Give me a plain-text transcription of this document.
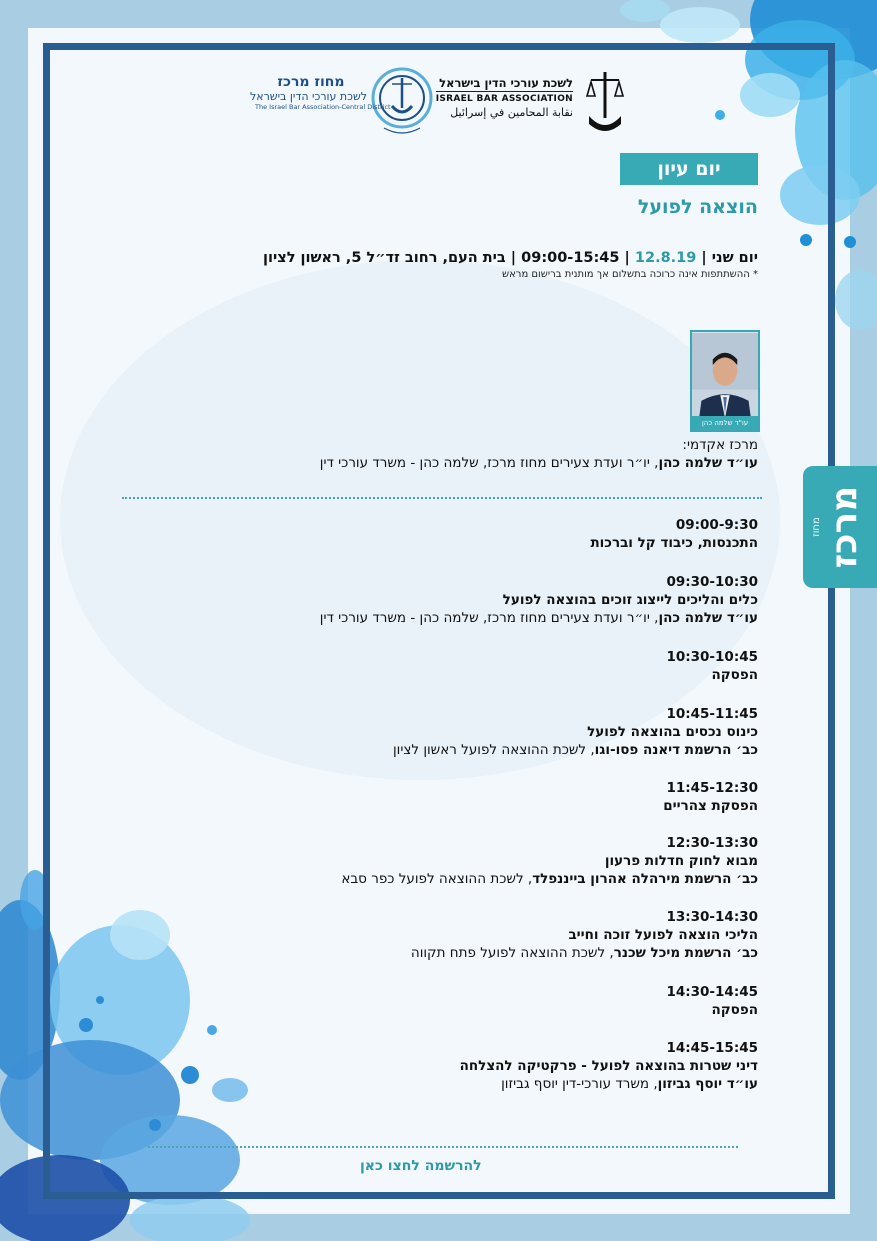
לשכת עורכי הדין בישראל
ISRAEL BAR ASSOCIATION
نقابة المحامين في إسرائيل
מחוז מרכז
לשכת עורכי הדין בישראל
The Israel Bar Association-Central District
יום עיון
הוצאה לפועל
יום שני | 12.8.19 | 09:00-15:45 | בית העם, רחוב זד״ל 5, ראשון לציון
* ההשתתפות אינה כרוכה בתשלום אך מותנית ברישום מראש
עו"ד שלמה כהן
מרכז אקדמי:
עו״ד שלמה כהן, יו״ר ועדת צעירים מחוז מרכז, שלמה כהן - משרד עורכי דין
09:00-9:30
התכנסות, כיבוד קל וברכות
09:30-10:30
כלים והליכים לייצוג זוכים בהוצאה לפועל
עו״ד שלמה כהן, יו״ר ועדת צעירים מחוז מרכז, שלמה כהן - משרד עורכי דין
10:30-10:45
הפסקה
10:45-11:45
כינוס נכסים בהוצאה לפועל
כב׳ הרשמת דיאנה פסו-וגו, לשכת ההוצאה לפועל ראשון לציון
11:45-12:30
הפסקת צהריים
12:30-13:30
מבוא לחוק חדלות פרעון
כב׳ הרשמת מירהלה אהרון בייננפלד, לשכת ההוצאה לפועל כפר סבא
13:30-14:30
הליכי הוצאה לפועל זוכה וחייב
כב׳ הרשמת מיכל שכנר, לשכת ההוצאה לפועל פתח תקווה
14:30-14:45
הפסקה
14:45-15:45
דיני שטרות בהוצאה לפועל - פרקטיקה להצלחה
עו״ד יוסף גביזון, משרד עורכי-דין יוסף גביזון
להרשמה לחצו כאן
מחוז מרכז
